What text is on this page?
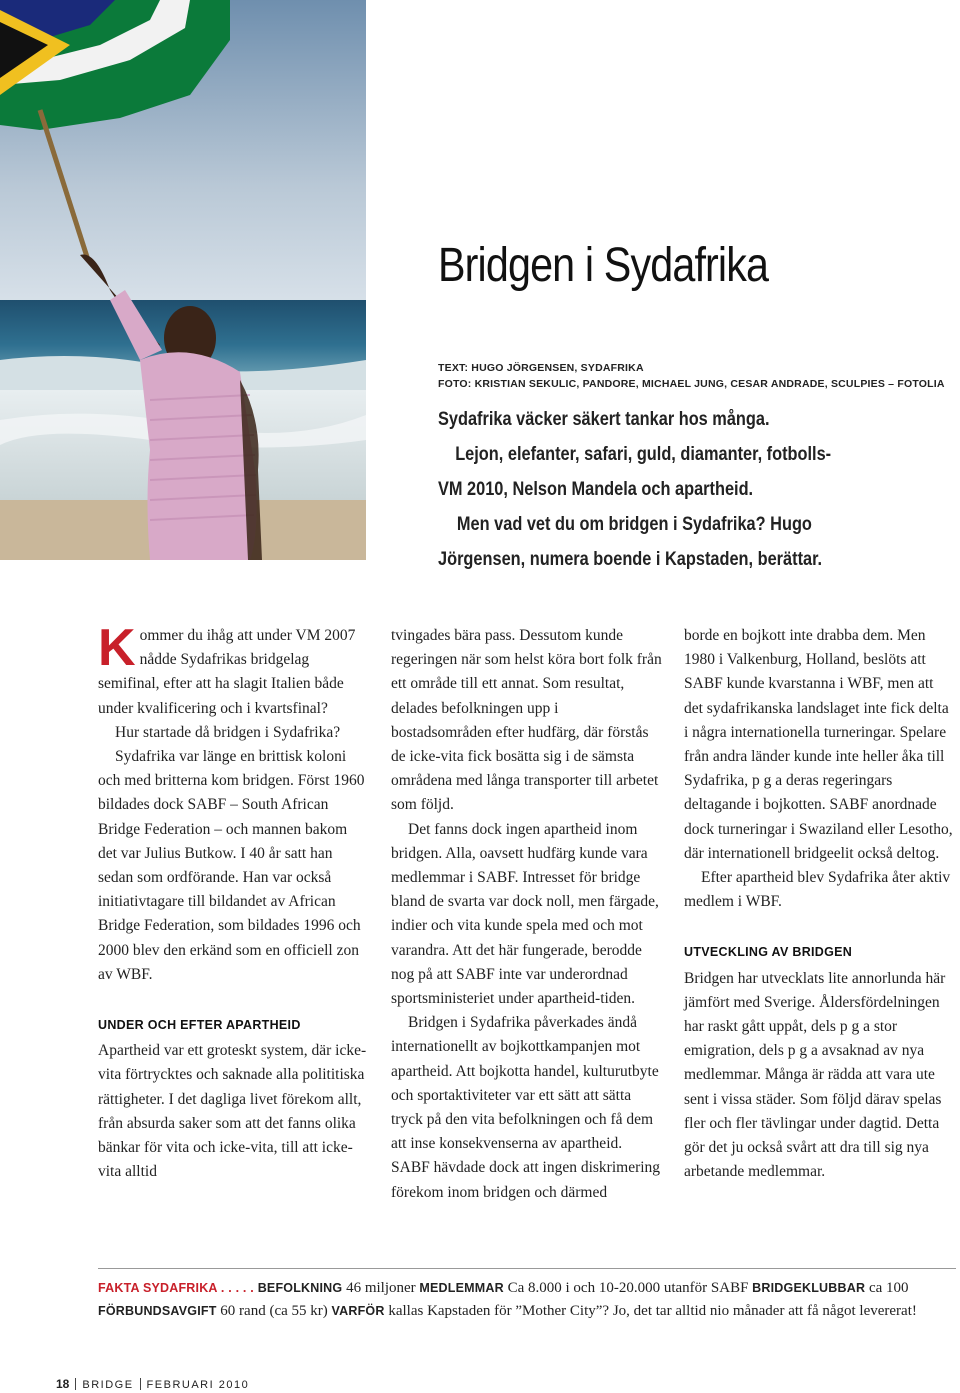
Bridgen i Sydafrika
TEXT: HUGO JÖRGENSEN, SYDAFRIKA
FOTO: KRISTIAN SEKULIC, PANDORE, MICHAEL JUNG, CESAR ANDRADE, SCULPIES – FOTOLIA
Sydafrika väcker säkert tankar hos många.
Lejon, elefanter, safari, guld, diamanter, fotbolls-
VM 2010, Nelson Mandela och apartheid.
Men vad vet du om bridgen i Sydafrika? Hugo
Jörgensen, numera boende i Kapstaden, berättar.

Kommer du ihåg att under VM 2007 nådde Sydafrikas bridgelag semifinal, efter att ha slagit Italien både under kvalificering och i kvartsfinal?

Hur startade då bridgen i Sydafrika?

Sydafrika var länge en brittisk koloni och med britterna kom bridgen. Först 1960 bildades dock SABF – South African Bridge Federation – och mannen bakom det var Julius Butkow. I 40 år satt han sedan som ordförande. Han var också initiativtagare till bildandet av African Bridge Federation, som bildades 1996 och 2000 blev den erkänd som en officiell zon av WBF.

UNDER OCH EFTER APARTHEID

Apartheid var ett groteskt system, där icke-vita förtrycktes och saknade alla polititiska rättigheter. I det dagliga livet förekom allt, från absurda saker som att det fanns olika bänkar för vita och icke-vita, till att icke-vita alltid

tvingades bära pass. Dessutom kunde regeringen när som helst köra bort folk från ett område till ett annat. Som resultat, delades befolkningen upp i bostadsområden efter hudfärg, där förstås de icke-vita fick bosätta sig i de sämsta områdena med långa transporter till arbetet som följd.

Det fanns dock ingen apartheid inom bridgen. Alla, oavsett hudfärg kunde vara medlemmar i SABF. Intresset för bridge bland de svarta var dock noll, men färgade, indier och vita kunde spela med och mot varandra. Att det här fungerade, berodde nog på att SABF inte var underordnad sportsministeriet under apartheid-tiden.

Bridgen i Sydafrika påverkades ändå internationellt av bojkottkampanjen mot apartheid. Att bojkotta handel, kulturutbyte och sportaktiviteter var ett sätt att sätta tryck på den vita befolkningen och få dem att inse konsekvenserna av apartheid. SABF hävdade dock att ingen diskrimering förekom inom bridgen och därmed

borde en bojkott inte drabba dem. Men 1980 i Valkenburg, Holland, beslöts att SABF kunde kvarstanna i WBF, men att det sydafrikanska landslaget inte fick delta i några internationella turneringar. Spelare från andra länder kunde inte heller åka till Sydafrika, p g a deras regeringars deltagande i bojkotten. SABF anordnade dock turneringar i Swaziland eller Lesotho, där internationell bridgeelit också deltog.

Efter apartheid blev Sydafrika åter aktiv medlem i WBF.

UTVECKLING AV BRIDGEN

Bridgen har utvecklats lite annorlunda här jämfört med Sverige. Åldersfördelningen har raskt gått uppåt, dels p g a stor emigration, dels p g a avsaknad av nya medlemmar. Många är rädda att vara ute sent i vissa städer. Som följd därav spelas fler och fler tävlingar under dagtid. Detta gör det ju också svårt att dra till sig nya arbetande medlemmar.

FAKTA SYDAFRIKA . . . . . BEFOLKNING 46 miljoner MEDLEMMAR Ca 8.000 i och 10-20.000 utanför SABF BRIDGEKLUBBAR ca 100
FÖRBUNDSAVGIFT 60 rand (ca 55 kr) VARFÖR kallas Kapstaden för ”Mother City”? Jo, det tar alltid nio månader att få något levererat!
18 BRIDGE FEBRUARI 2010
